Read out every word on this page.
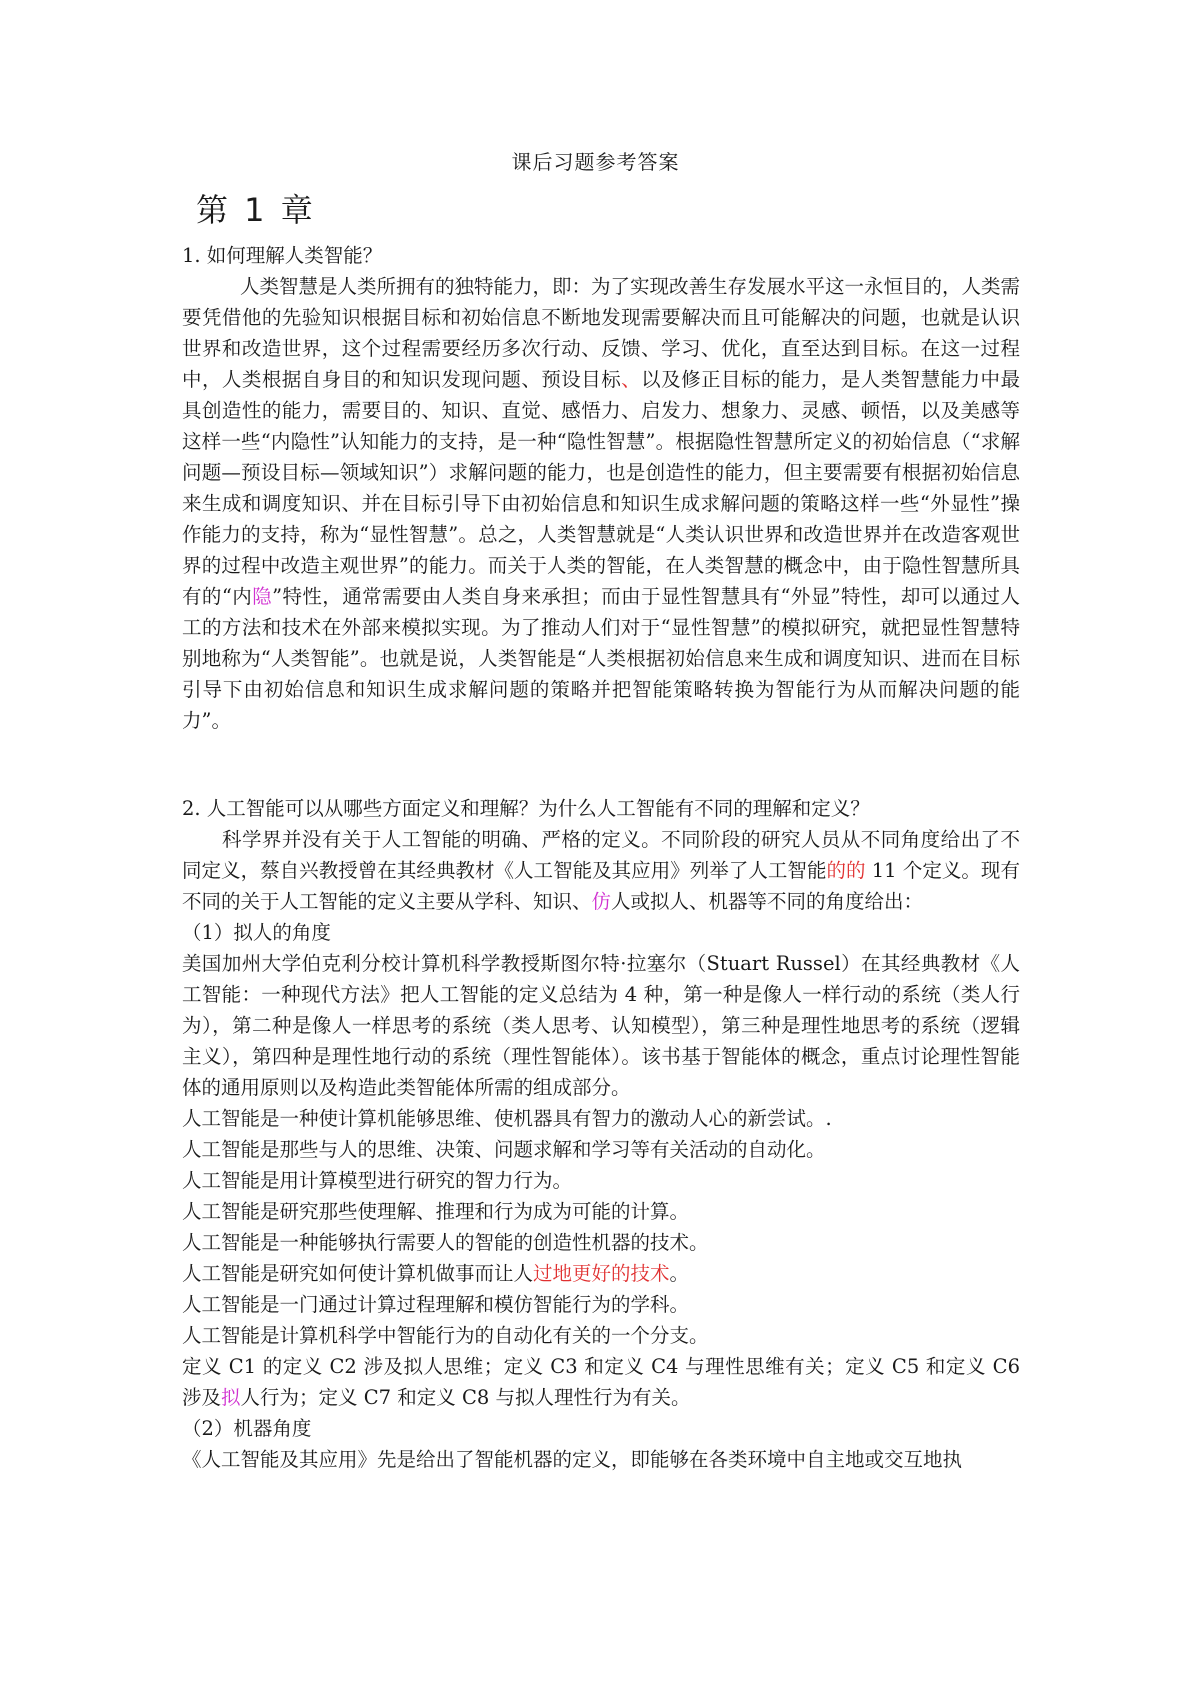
课后习题参考答案
第 1 章

1. 如何理解人类智能？

人类智慧是人类所拥有的独特能力，即：为了实现改善生存发展水平这一永恒目的，人类需要凭借他的先验知识根据目标和初始信息不断地发现需要解决而且可能解决的问题，也就是认识世界和改造世界，这个过程需要经历多次行动、反馈、学习、优化，直至达到目标。在这一过程中，人类根据自身目的和知识发现问题、预设目标、以及修正目标的能力，是人类智慧能力中最具创造性的能力，需要目的、知识、直觉、感悟力、启发力、想象力、灵感、顿悟，以及美感等这样一些“内隐性”认知能力的支持，是一种“隐性智慧”。根据隐性智慧所定义的初始信息（“求解问题—预设目标—领域知识”）求解问题的能力，也是创造性的能力，但主要需要有根据初始信息来生成和调度知识、并在目标引导下由初始信息和知识生成求解问题的策略这样一些“外显性”操作能力的支持，称为“显性智慧”。总之，人类智慧就是“人类认识世界和改造世界并在改造客观世界的过程中改造主观世界”的能力。而关于人类的智能，在人类智慧的概念中，由于隐性智慧所具有的“内隐”特性，通常需要由人类自身来承担；而由于显性智慧具有“外显”特性，却可以通过人工的方法和技术在外部来模拟实现。为了推动人们对于“显性智慧”的模拟研究，就把显性智慧特别地称为“人类智能”。也就是说，人类智能是“人类根据初始信息来生成和调度知识、进而在目标引导下由初始信息和知识生成求解问题的策略并把智能策略转换为智能行为从而解决问题的能力”。

2. 人工智能可以从哪些方面定义和理解？为什么人工智能有不同的理解和定义？

科学界并没有关于人工智能的明确、严格的定义。不同阶段的研究人员从不同角度给出了不同定义，蔡自兴教授曾在其经典教材《人工智能及其应用》列举了人工智能的的 11 个定义。现有不同的关于人工智能的定义主要从学科、知识、仿人或拟人、机器等不同的角度给出：

（1）拟人的角度

美国加州大学伯克利分校计算机科学教授斯图尔特·拉塞尔（Stuart Russel）在其经典教材《人工智能：一种现代方法》把人工智能的定义总结为 4 种，第一种是像人一样行动的系统（类人行为），第二种是像人一样思考的系统（类人思考、认知模型），第三种是理性地思考的系统（逻辑主义），第四种是理性地行动的系统（理性智能体）。该书基于智能体的概念，重点讨论理性智能体的通用原则以及构造此类智能体所需的组成部分。

人工智能是一种使计算机能够思维、使机器具有智力的激动人心的新尝试。.

人工智能是那些与人的思维、决策、问题求解和学习等有关活动的自动化。

人工智能是用计算模型进行研究的智力行为。

人工智能是研究那些使理解、推理和行为成为可能的计算。

人工智能是一种能够执行需要人的智能的创造性机器的技术。

人工智能是研究如何使计算机做事而让人过地更好的技术。

人工智能是一门通过计算过程理解和模仿智能行为的学科。

人工智能是计算机科学中智能行为的自动化有关的一个分支。

定义 C1 的定义 C2 涉及拟人思维；定义 C3 和定义 C4 与理性思维有关；定义 C5 和定义 C6 涉及拟人行为；定义 C7 和定义 C8 与拟人理性行为有关。

（2）机器角度

《人工智能及其应用》先是给出了智能机器的定义，即能够在各类环境中自主地或交互地执
